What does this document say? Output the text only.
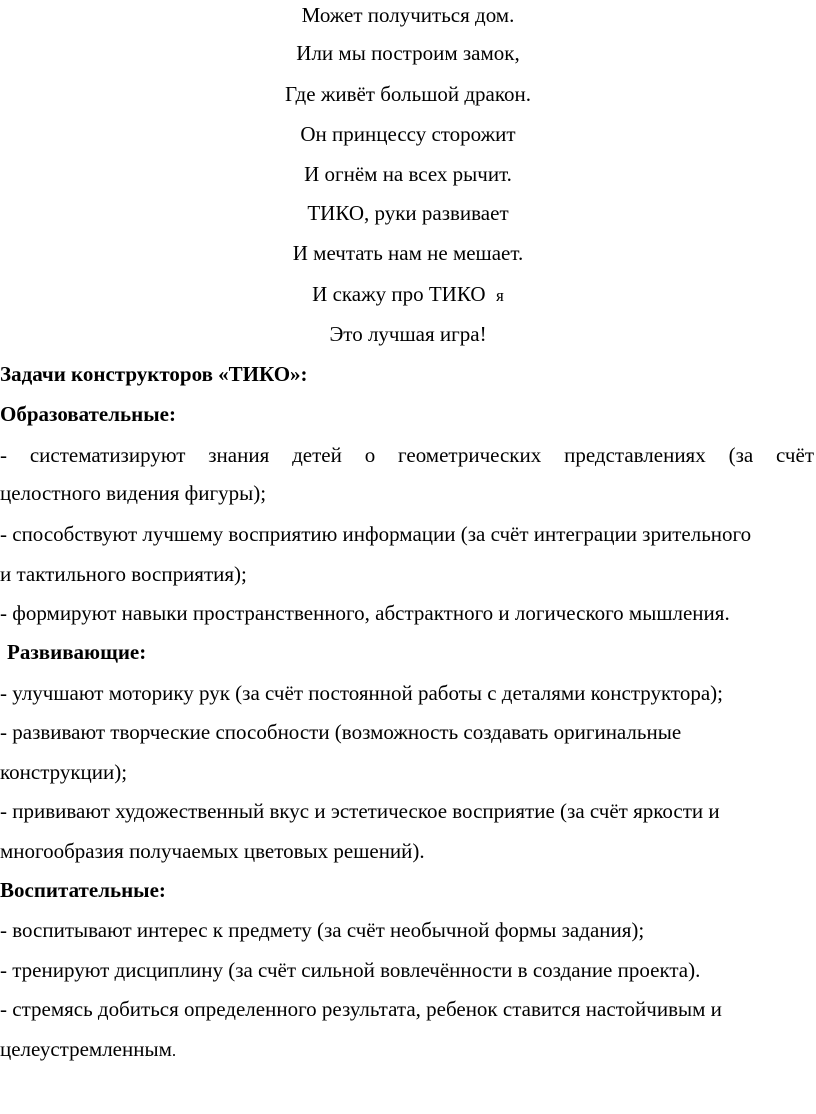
Может получиться дом.
Или мы построим замок,
Где живёт большой дракон.
Он принцессу сторожит
И огнём на всех рычит.
ТИКО, руки развивает
И мечтать нам не мешает.
И скажу про ТИКО я
Это лучшая игра!
Задачи конструкторов «ТИКО»:
Образовательные:
- систематизируют знания детей о геометрических представлениях (за счёт
целостного видения фигуры);
- способствуют лучшему восприятию информации (за счёт интеграции зрительного
и тактильного восприятия);
- формируют навыки пространственного, абстрактного и логического мышления.
Развивающие:
- улучшают моторику рук (за счёт постоянной работы с деталями конструктора);
- развивают творческие способности (возможность создавать оригинальные
конструкции);
- прививают художественный вкус и эстетическое восприятие (за счёт яркости и
многообразия получаемых цветовых решений).
Воспитательные:
- воспитывают интерес к предмету (за счёт необычной формы задания);
- тренируют дисциплину (за счёт сильной вовлечённости в создание проекта).
- стремясь добиться определенного результата, ребенок ставится настойчивым и
целеустремленным.
